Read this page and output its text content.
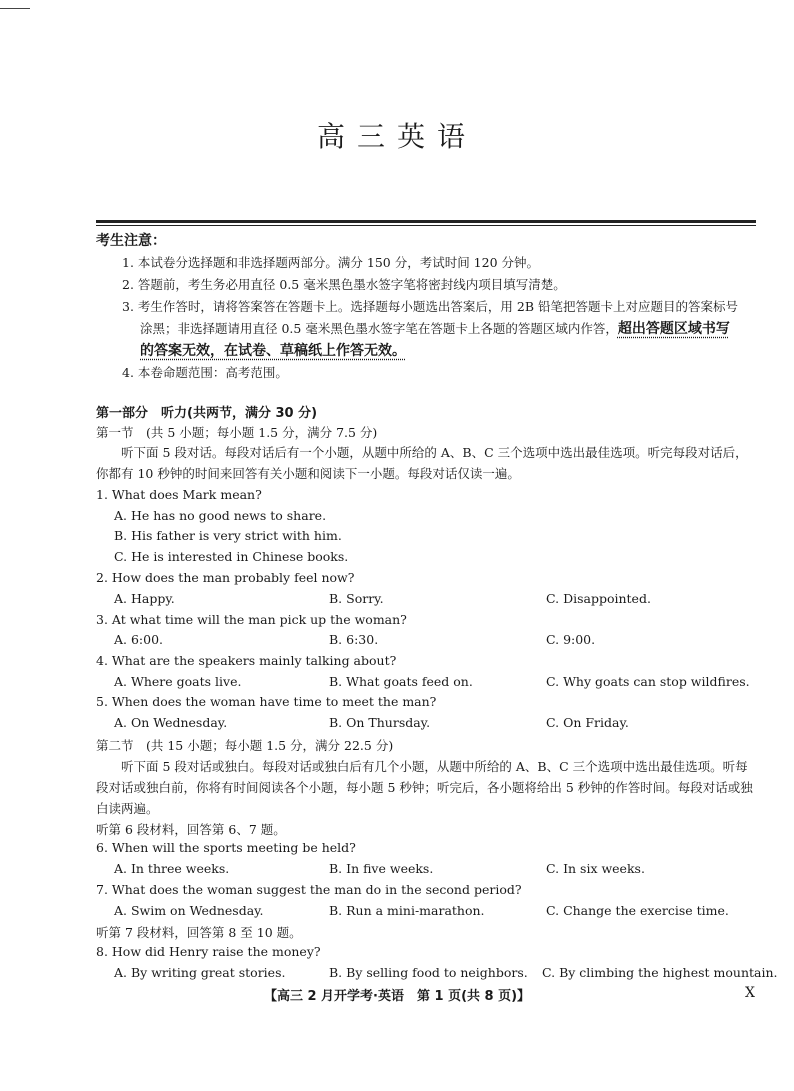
高三英语
考生注意：
1. 本试卷分选择题和非选择题两部分。满分 150 分，考试时间 120 分钟。
2. 答题前，考生务必用直径 0.5 毫米黑色墨水签字笔将密封线内项目填写清楚。
3. 考生作答时，请将答案答在答题卡上。选择题每小题选出答案后，用 2B 铅笔把答题卡上对应题目的答案标号
涂黑；非选择题请用直径 0.5 毫米黑色墨水签字笔在答题卡上各题的答题区域内作答，超出答题区域书写
的答案无效，在试卷、草稿纸上作答无效。
4. 本卷命题范围：高考范围。
第一部分　听力(共两节，满分 30 分)
第一节　(共 5 小题；每小题 1.5 分，满分 7.5 分)
听下面 5 段对话。每段对话后有一个小题，从题中所给的 A、B、C 三个选项中选出最佳选项。听完每段对话后，你都有 10 秒钟的时间来回答有关小题和阅读下一小题。每段对话仅读一遍。
1. What does Mark mean?
A. He has no good news to share.
B. His father is very strict with him.
C. He is interested in Chinese books.
2. How does the man probably feel now?
A. Happy.	B. Sorry.	C. Disappointed.
3. At what time will the man pick up the woman?
A. 6:00.	B. 6:30.	C. 9:00.
4. What are the speakers mainly talking about?
A. Where goats live.	B. What goats feed on.	C. Why goats can stop wildfires.
5. When does the woman have time to meet the man?
A. On Wednesday.	B. On Thursday.	C. On Friday.
第二节　(共 15 小题；每小题 1.5 分，满分 22.5 分)
听下面 5 段对话或独白。每段对话或独白后有几个小题，从题中所给的 A、B、C 三个选项中选出最佳选项。听每段对话或独白前，你将有时间阅读各个小题，每小题 5 秒钟；听完后，各小题将给出 5 秒钟的作答时间。每段对话或独白读两遍。
听第 6 段材料，回答第 6、7 题。
6. When will the sports meeting be held?
A. In three weeks.	B. In five weeks.	C. In six weeks.
7. What does the woman suggest the man do in the second period?
A. Swim on Wednesday.	B. Run a mini-marathon.	C. Change the exercise time.
听第 7 段材料，回答第 8 至 10 题。
8. How did Henry raise the money?
A. By writing great stories.	B. By selling food to neighbors. C. By climbing the highest mountain.
【高三 2 月开学考·英语　第 1 页(共 8 页)】	X
